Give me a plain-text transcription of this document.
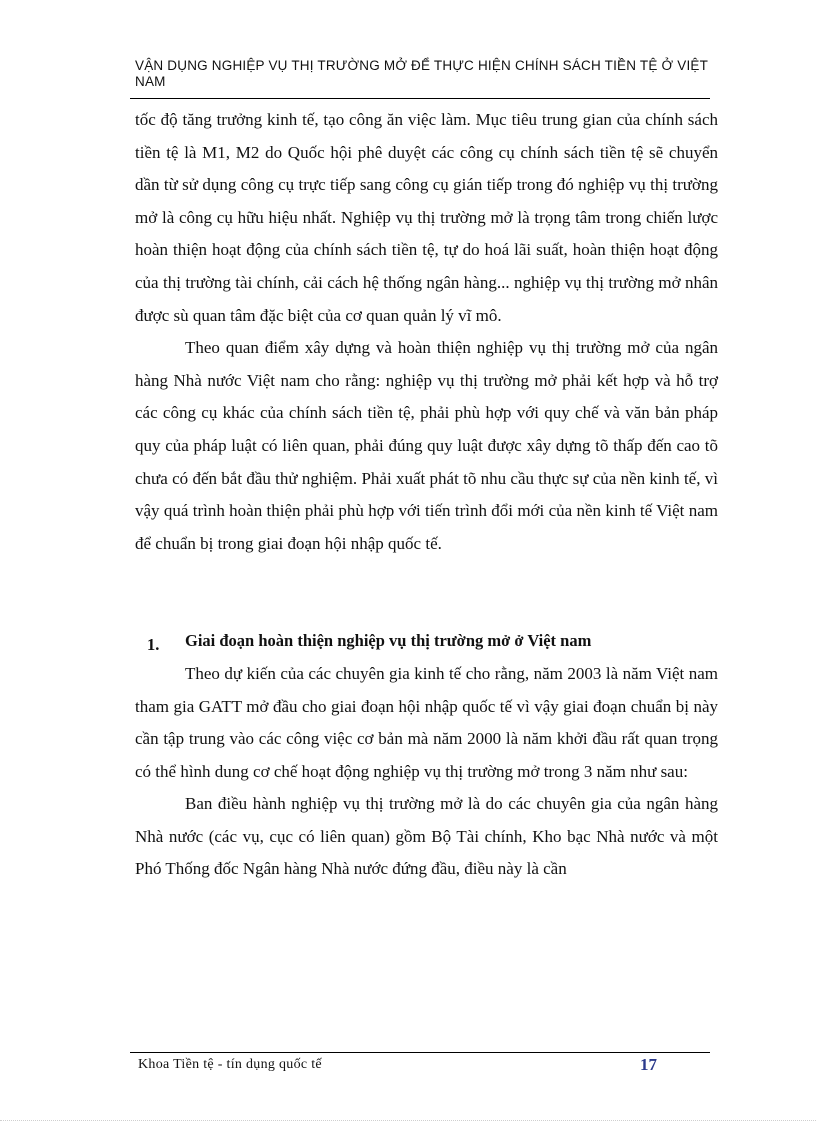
VẬN DỤNG NGHIỆP VỤ THỊ TRƯỜNG MỞ ĐỂ THỰC HIỆN CHÍNH SÁCH TIỀN TỆ Ở VIỆT NAM

tốc độ tăng trưởng kinh tế, tạo công ăn việc làm. Mục tiêu trung gian của chính sách tiền tệ là M1, M2 do Quốc hội phê duyệt các công cụ chính sách tiền tệ sẽ chuyển dần từ sử dụng công cụ trực tiếp sang công cụ gián tiếp trong đó nghiệp vụ thị trường mở là công cụ hữu hiệu nhất. Nghiệp vụ thị trường mở là trọng tâm trong chiến lược hoàn thiện hoạt động của chính sách tiền tệ, tự do hoá lãi suất, hoàn thiện hoạt động của thị trường tài chính, cải cách hệ thống ngân hàng... nghiệp vụ thị trường mở nhân được sù quan tâm đặc biệt của cơ quan quản lý vĩ mô.

Theo quan điểm xây dựng và hoàn thiện nghiệp vụ thị trường mở của ngân hàng Nhà nước Việt nam cho rằng: nghiệp vụ thị trường mở phải kết hợp và hỗ trợ các công cụ khác của chính sách tiền tệ, phải phù hợp với quy chế và văn bản pháp quy của pháp luật có liên quan, phải đúng quy luật được xây dựng tõ thấp đến cao tõ chưa có đến bắt đầu thử nghiệm. Phải xuất phát tõ nhu cầu thực sự của nền kinh tế, vì vậy quá trình hoàn thiện phải phù hợp với tiến trình đổi mới của nền kinh tế Việt nam để chuẩn bị trong giai đoạn hội nhập quốc tế.

1.	Giai đoạn hoàn thiện nghiệp vụ thị trường mở ở Việt nam

Theo dự kiến của các chuyên gia kinh tế cho rằng, năm 2003 là năm Việt nam tham gia GATT mở đầu cho giai đoạn hội nhập quốc tế vì vậy giai đoạn chuẩn bị này cần tập trung vào các công việc cơ bản mà năm 2000 là năm khởi đầu rất quan trọng có thể hình dung cơ chế hoạt động nghiệp vụ thị trường mở trong 3 năm như sau:

Ban điều hành nghiệp vụ thị trường mở là do các chuyên gia của ngân hàng Nhà nước (các vụ, cục có liên quan) gồm Bộ Tài chính, Kho bạc Nhà nước và một Phó Thống đốc Ngân hàng Nhà nước đứng đầu, điều này là cần

Khoa Tiền tệ - tín dụng quốc tế	17
